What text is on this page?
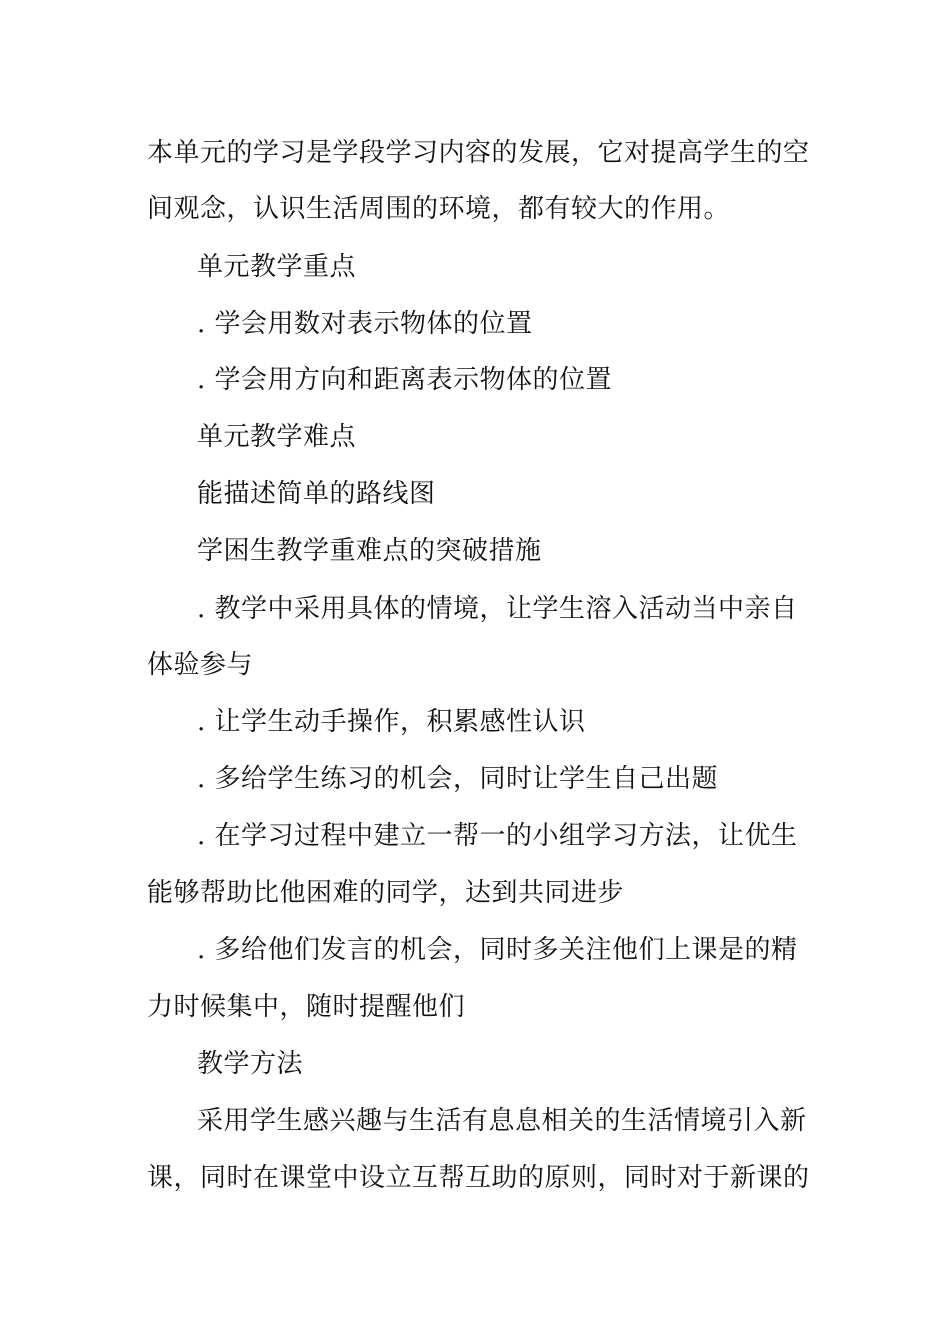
本单元的学习是学段学习内容的发展，它对提高学生的空
间观念，认识生活周围的环境，都有较大的作用。
单元教学重点
. 学会用数对表示物体的位置
. 学会用方向和距离表示物体的位置
单元教学难点
能描述简单的路线图
学困生教学重难点的突破措施
. 教学中采用具体的情境，让学生溶入活动当中亲自
体验参与
. 让学生动手操作，积累感性认识
. 多给学生练习的机会，同时让学生自己出题
. 在学习过程中建立一帮一的小组学习方法，让优生
能够帮助比他困难的同学，达到共同进步
. 多给他们发言的机会，同时多关注他们上课是的精
力时候集中，随时提醒他们
教学方法
采用学生感兴趣与生活有息息相关的生活情境引入新
课，同时在课堂中设立互帮互助的原则，同时对于新课的
